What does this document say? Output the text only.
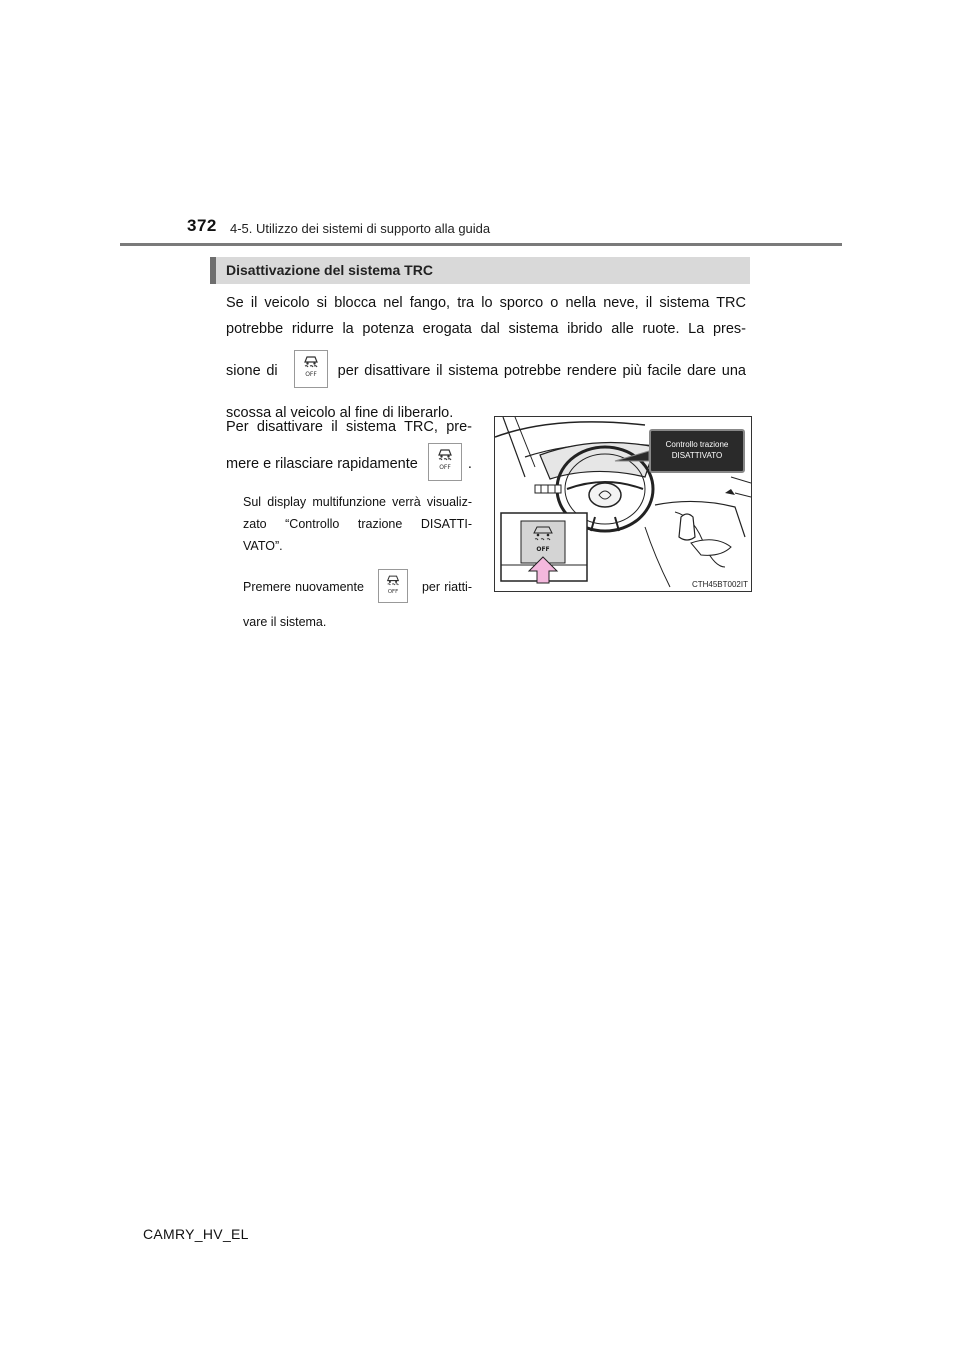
372 4-5. Utilizzo dei sistemi di supporto alla guida
Disattivazione del sistema TRC
Se il veicolo si blocca nel fango, tra lo sporco o nella neve, il sistema TRC
potrebbe ridurre la potenza erogata dal sistema ibrido alle ruote. La pres-
sione di	OFF per disattivare il sistema potrebbe rendere più facile dare una
scossa al veicolo al fine di liberarlo.
Per disattivare il sistema TRC, pre-
mere e rilasciare rapidamente	OFF .
Sul display multifunzione verrà visualiz-
zato “Controllo trazione DISATTI-
VATO”.
Premere nuovamente	OFF per riatti-
vare il sistema.
OFF
Controllo trazione
DISATTIVATO
CTH45BT002IT
CAMRY_HV_EL
